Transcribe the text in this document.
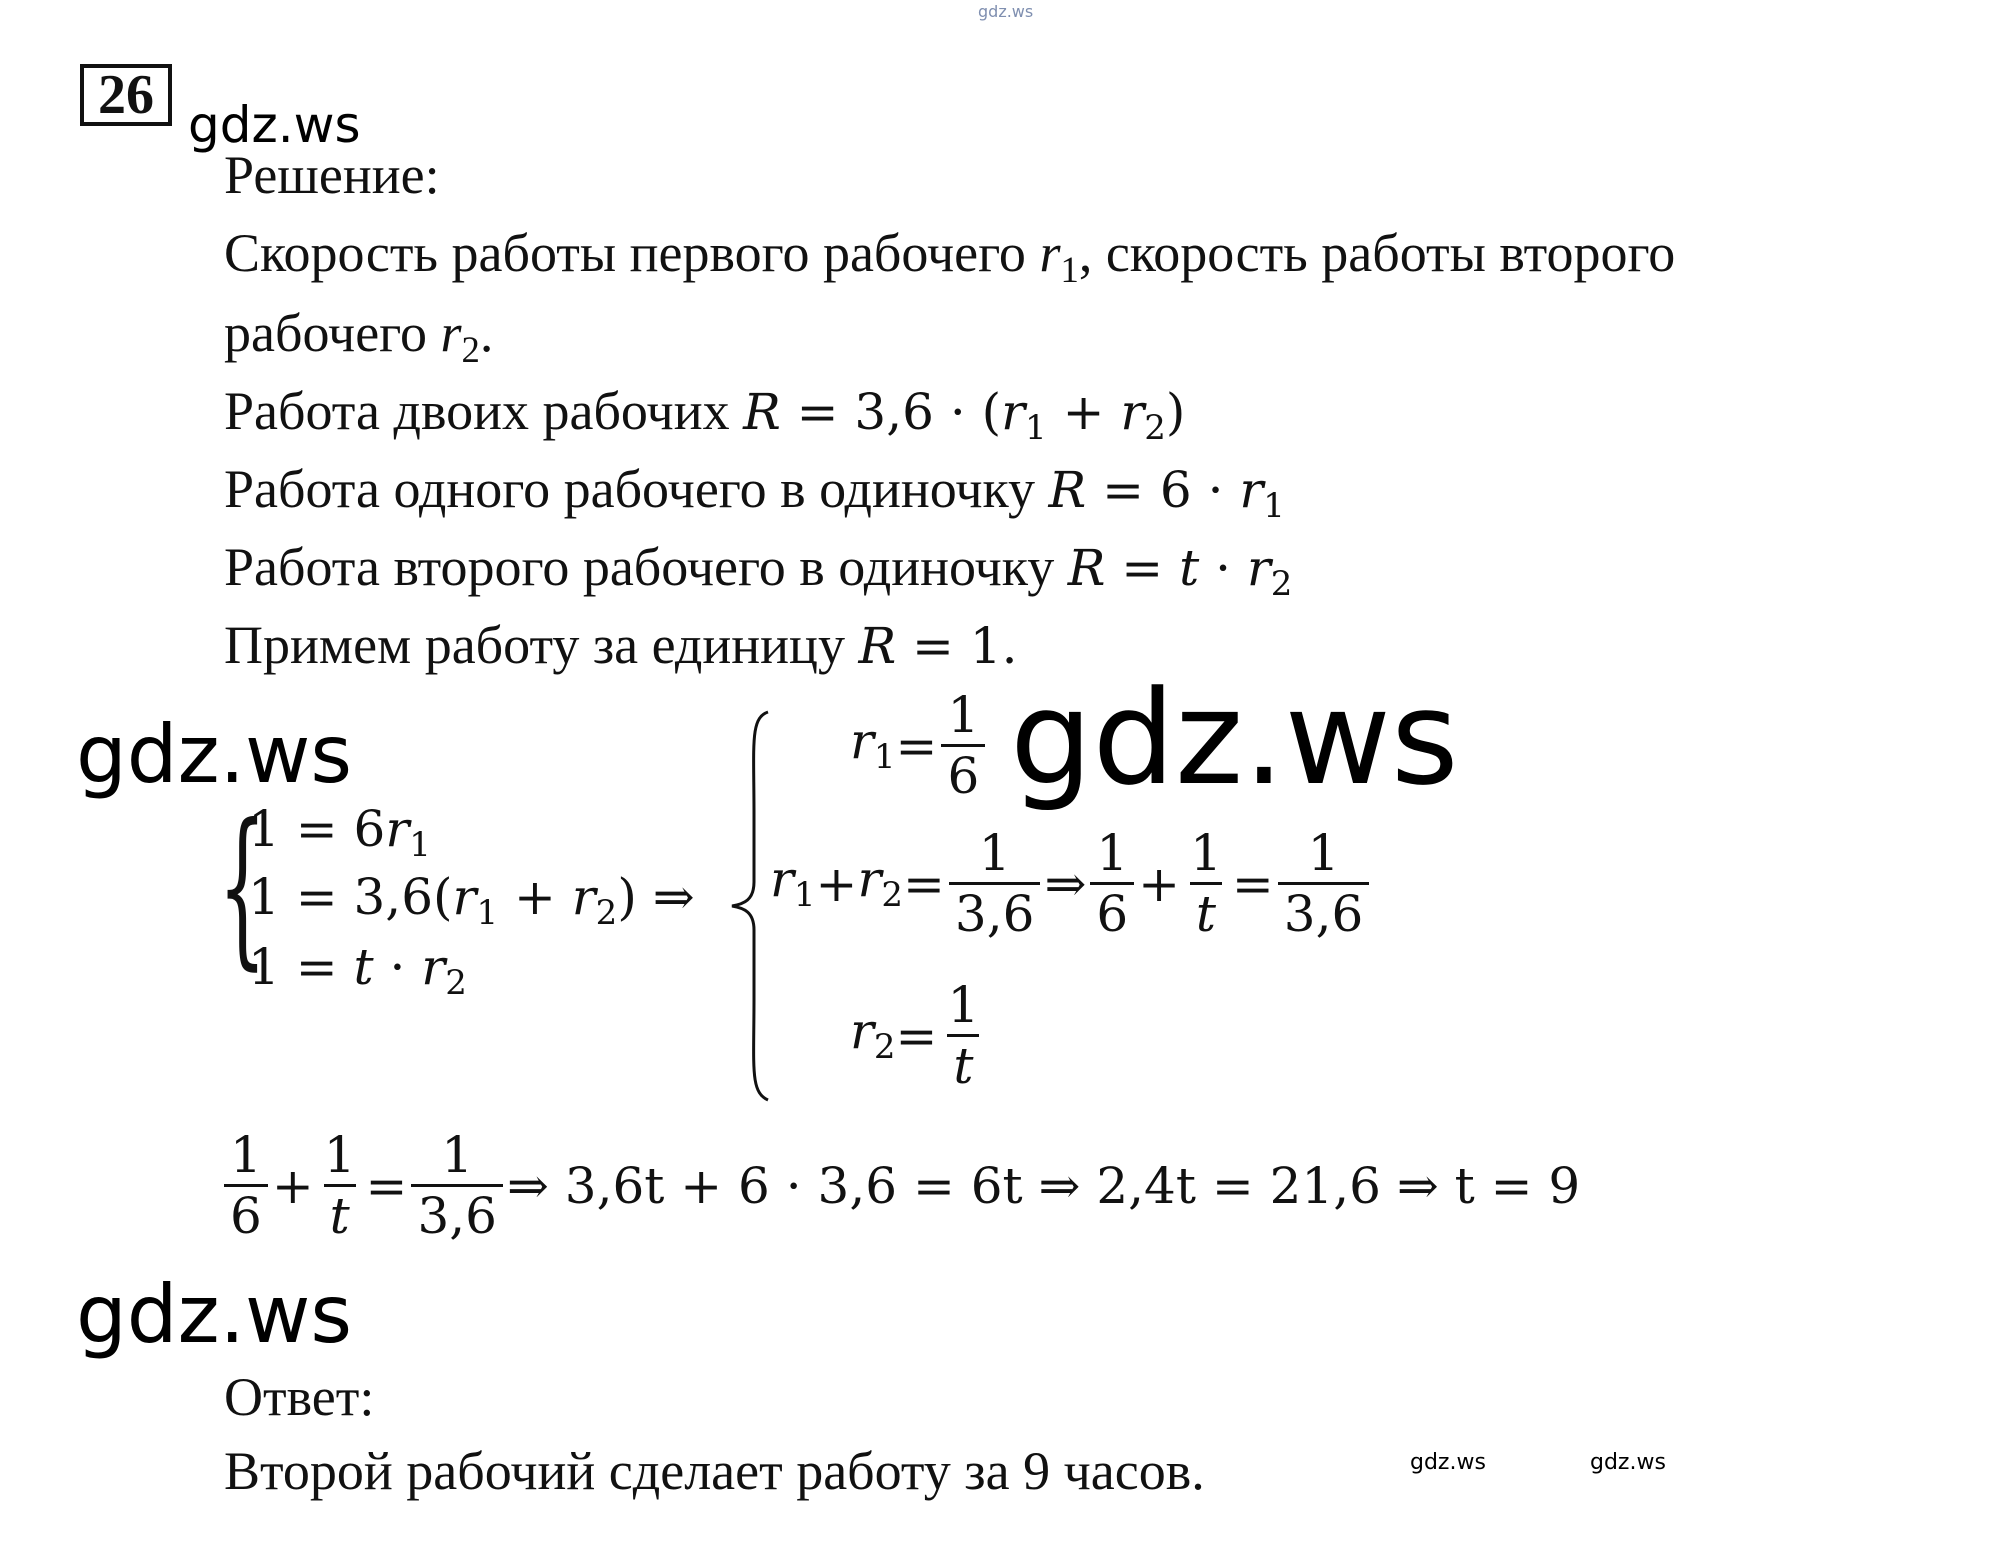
gdz.ws
gdz.ws
gdz.ws	gdz.ws
gdz.ws
gdz.ws	gdz.ws
26
Решение:
Скорость работы первого рабочего $r_1$, скорость работы второго
рабочего $r_2$.
Работа двоих рабочих $R = 3,6 \cdot (r_1 + r_2)$
Работа одного рабочего в одиночку $R = 6 \cdot r_1$
Работа второго рабочего в одиночку $R = t \cdot r_2$
Примем работу за единицу R = 1.
{
$1 = 6r_1$
$1 = 3,6(r_1 + r_2)$ ⇒
$1 = t \cdot r_2$
$r_1 = \frac{1}{6}$
$r_1 + r_2 = \frac{1}{3,6}$ ⇒ $\frac{1}{6} + \frac{1}{t} = \frac{1}{3,6}$
$r_2 = \frac{1}{t}$
$\frac{1}{6} + \frac{1}{t} = \frac{1}{3,6}$ ⇒ 3,6t + 6 · 3,6 = 6t ⇒ 2,4t = 21,6 ⇒ t = 9
Ответ:
Второй рабочий сделает работу за 9 часов.
